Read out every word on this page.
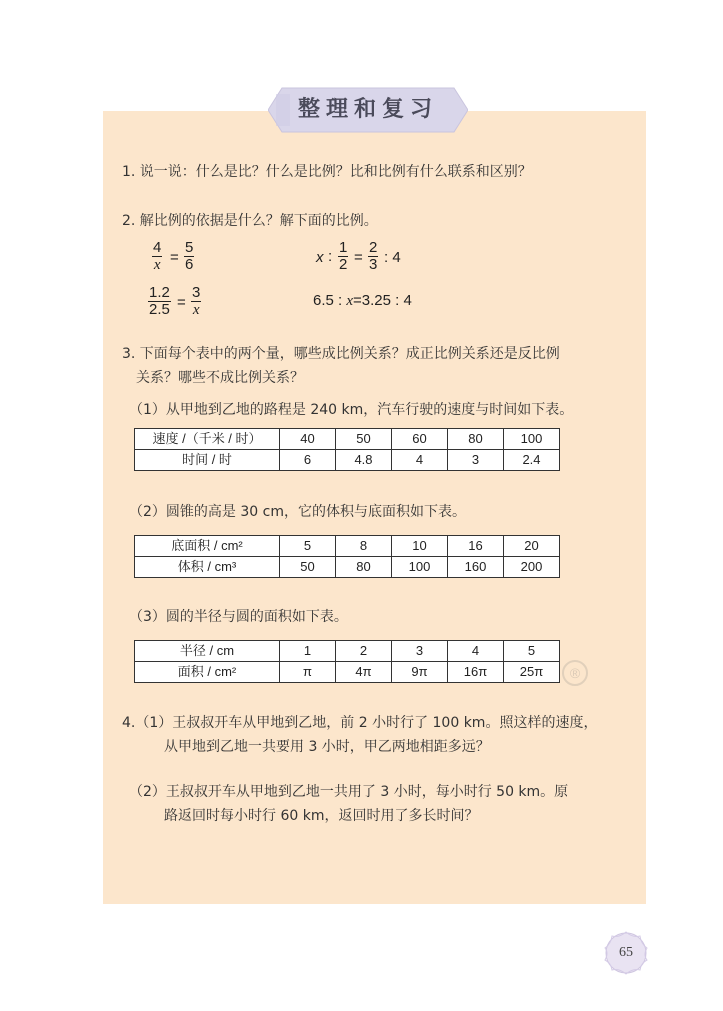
整理和复习
1. 说一说：什么是比？什么是比例？比和比例有什么联系和区别？
2. 解比例的依据是什么？解下面的比例。
4
x =
5
6	x :
1
2 =
2
3 : 4
1.2
2.5 =
3
x
6.5 : x=3.25 : 4
3. 下面每个表中的两个量，哪些成比例关系？成正比例关系还是反比例
关系？哪些不成比例关系？
（1）从甲地到乙地的路程是 240 km，汽车行驶的速度与时间如下表。
速度 /（千米 / 时）	40	50	60	80	100
时间 / 时	6	4.8	4	3	2.4
（2）圆锥的高是 30 cm，它的体积与底面积如下表。
底面积 / cm²	5	8	10	16	20
体积 / cm³	50	80	100	160	200
（3）圆的半径与圆的面积如下表。
半径 / cm	1	2	3	4	5
面积 / cm²	π	4π	9π	16π	25π	®
4.（1）王叔叔开车从甲地到乙地，前 2 小时行了 100 km。照这样的速度，
从甲地到乙地一共要用 3 小时，甲乙两地相距多远？
（2）王叔叔开车从甲地到乙地一共用了 3 小时，每小时行 50 km。原
路返回时每小时行 60 km，返回时用了多长时间？
65
